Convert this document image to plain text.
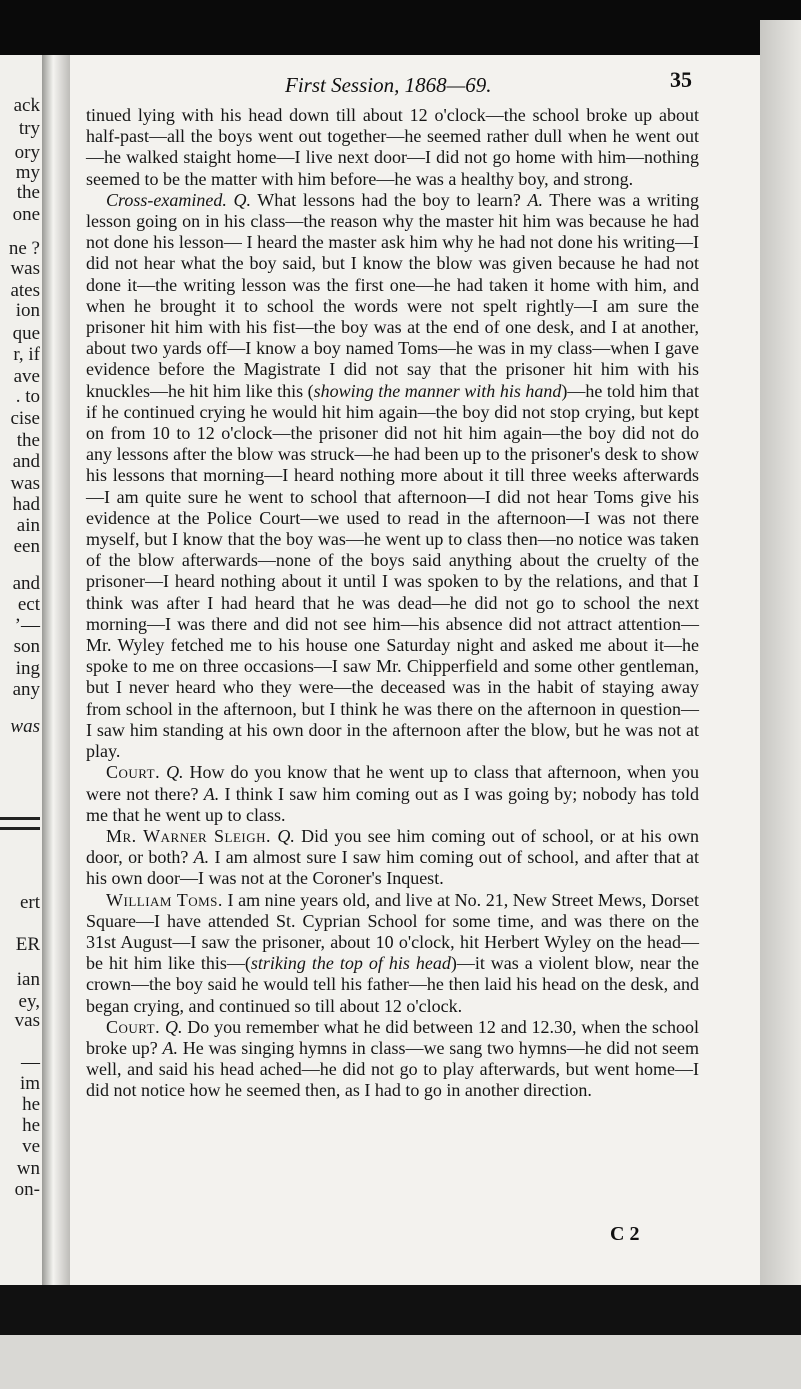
ack
try
ory
my
the
one
ne ?
was
ates
ion
que
r, if
ave
. to
cise
the
and
was
had
ain
een
and
ect
’—
son
ing
any
was
ert
ER
ian
ey,
vas
—
im
he
he
ve
wn
on-
First Session, 1868—69.	35

tinued lying with his head down till about 12 o'clock—the school broke up about half-past—all the boys went out together—he seemed rather dull when he went out—he walked staight home—I live next door—I did not go home with him—nothing seemed to be the matter with him before—he was a healthy boy, and strong.

Cross-examined. Q. What lessons had the boy to learn? A. There was a writing lesson going on in his class—the reason why the master hit him was because he had not done his lesson— I heard the master ask him why he had not done his writing—I did not hear what the boy said, but I know the blow was given because he had not done it—the writing lesson was the first one—he had taken it home with him, and when he brought it to school the words were not spelt rightly—I am sure the prisoner hit him with his fist—the boy was at the end of one desk, and I at another, about two yards off—I know a boy named Toms—he was in my class—when I gave evidence before the Magistrate I did not say that the prisoner hit him with his knuckles—he hit him like this (showing the manner with his hand)—he told him that if he continued crying he would hit him again—the boy did not stop crying, but kept on from 10 to 12 o'clock—the prisoner did not hit him again—the boy did not do any lessons after the blow was struck—he had been up to the prisoner's desk to show his lessons that morning—I heard nothing more about it till three weeks afterwards—I am quite sure he went to school that afternoon—I did not hear Toms give his evidence at the Police Court—we used to read in the afternoon—I was not there myself, but I know that the boy was—he went up to class then—no notice was taken of the blow afterwards—none of the boys said anything about the cruelty of the prisoner—I heard nothing about it until I was spoken to by the relations, and that I think was after I had heard that he was dead—he did not go to school the next morning—I was there and did not see him—his absence did not attract attention—Mr. Wyley fetched me to his house one Saturday night and asked me about it—he spoke to me on three occasions—I saw Mr. Chipperfield and some other gentleman, but I never heard who they were—the deceased was in the habit of staying away from school in the afternoon, but I think he was there on the afternoon in question—I saw him standing at his own door in the afternoon after the blow, but he was not at play.

Court. Q. How do you know that he went up to class that afternoon, when you were not there? A. I think I saw him coming out as I was going by; nobody has told me that he went up to class.

Mr. Warner Sleigh. Q. Did you see him coming out of school, or at his own door, or both? A. I am almost sure I saw him coming out of school, and after that at his own door—I was not at the Coroner's Inquest.

William Toms. I am nine years old, and live at No. 21, New Street Mews, Dorset Square—I have attended St. Cyprian School for some time, and was there on the 31st August—I saw the prisoner, about 10 o'clock, hit Herbert Wyley on the head—be hit him like this—(striking the top of his head)—it was a violent blow, near the crown—the boy said he would tell his father—he then laid his head on the desk, and began crying, and continued so till about 12 o'clock.

Court. Q. Do you remember what he did between 12 and 12.30, when the school broke up? A. He was singing hymns in class—we sang two hymns—he did not seem well, and said his head ached—he did not go to play afterwards, but went home—I did not notice how he seemed then, as I had to go in another direction.

C 2
